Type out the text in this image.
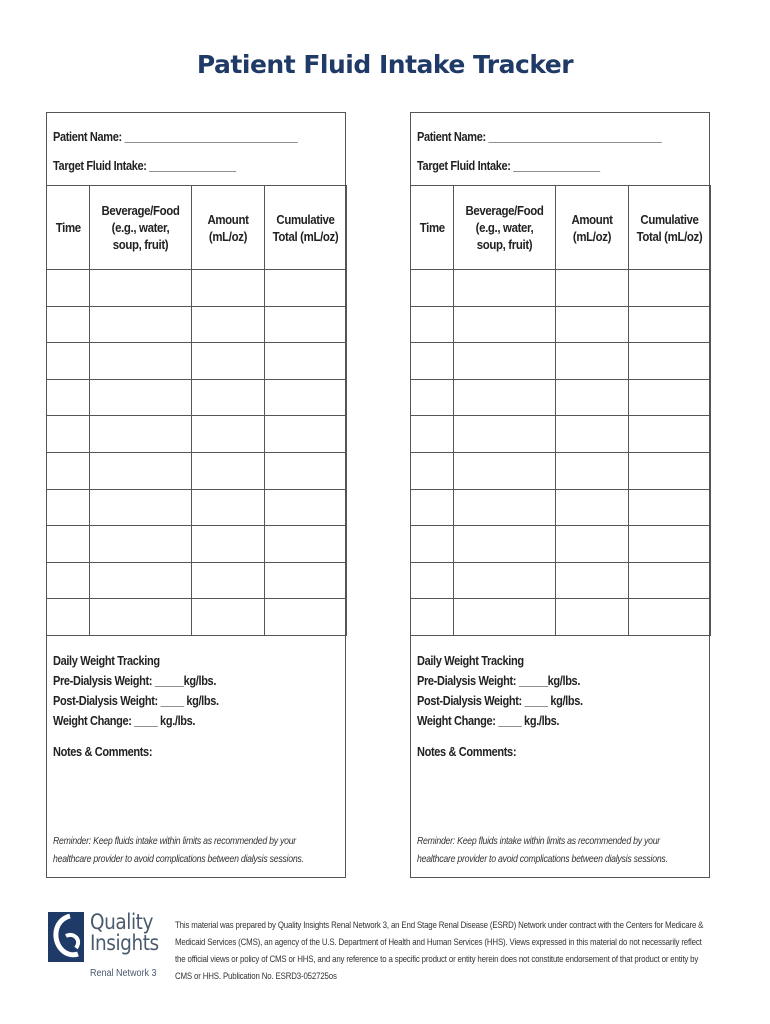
Patient Fluid Intake Tracker
Patient Name: ______________________________
Target Fluid Intake: _______________
Time	Beverage/Food (e.g., water, soup, fruit)	Amount (mL/oz)	Cumulative Total (mL/oz)

Daily Weight Tracking
Pre-Dialysis Weight: _____kg/lbs.
Post-Dialysis Weight: ____ kg/lbs.
Weight Change: ____ kg./lbs.
Notes & Comments:
Reminder: Keep fluids intake within limits as recommended by your healthcare provider to avoid complications between dialysis sessions.
Patient Name: ______________________________
Target Fluid Intake: _______________
Time	Beverage/Food (e.g., water, soup, fruit)	Amount (mL/oz)	Cumulative Total (mL/oz)

Daily Weight Tracking
Pre-Dialysis Weight: _____kg/lbs.
Post-Dialysis Weight: ____ kg/lbs.
Weight Change: ____ kg./lbs.
Notes & Comments:
Reminder: Keep fluids intake within limits as recommended by your healthcare provider to avoid complications between dialysis sessions.
Quality
Insights
Renal Network 3
This material was prepared by Quality Insights Renal Network 3, an End Stage Renal Disease (ESRD) Network under contract with the Centers for Medicare & Medicaid Services (CMS), an agency of the U.S. Department of Health and Human Services (HHS). Views expressed in this material do not necessarily reflect the official views or policy of CMS or HHS, and any reference to a specific product or entity herein does not constitute endorsement of that product or entity by CMS or HHS. Publication No. ESRD3-052725os
